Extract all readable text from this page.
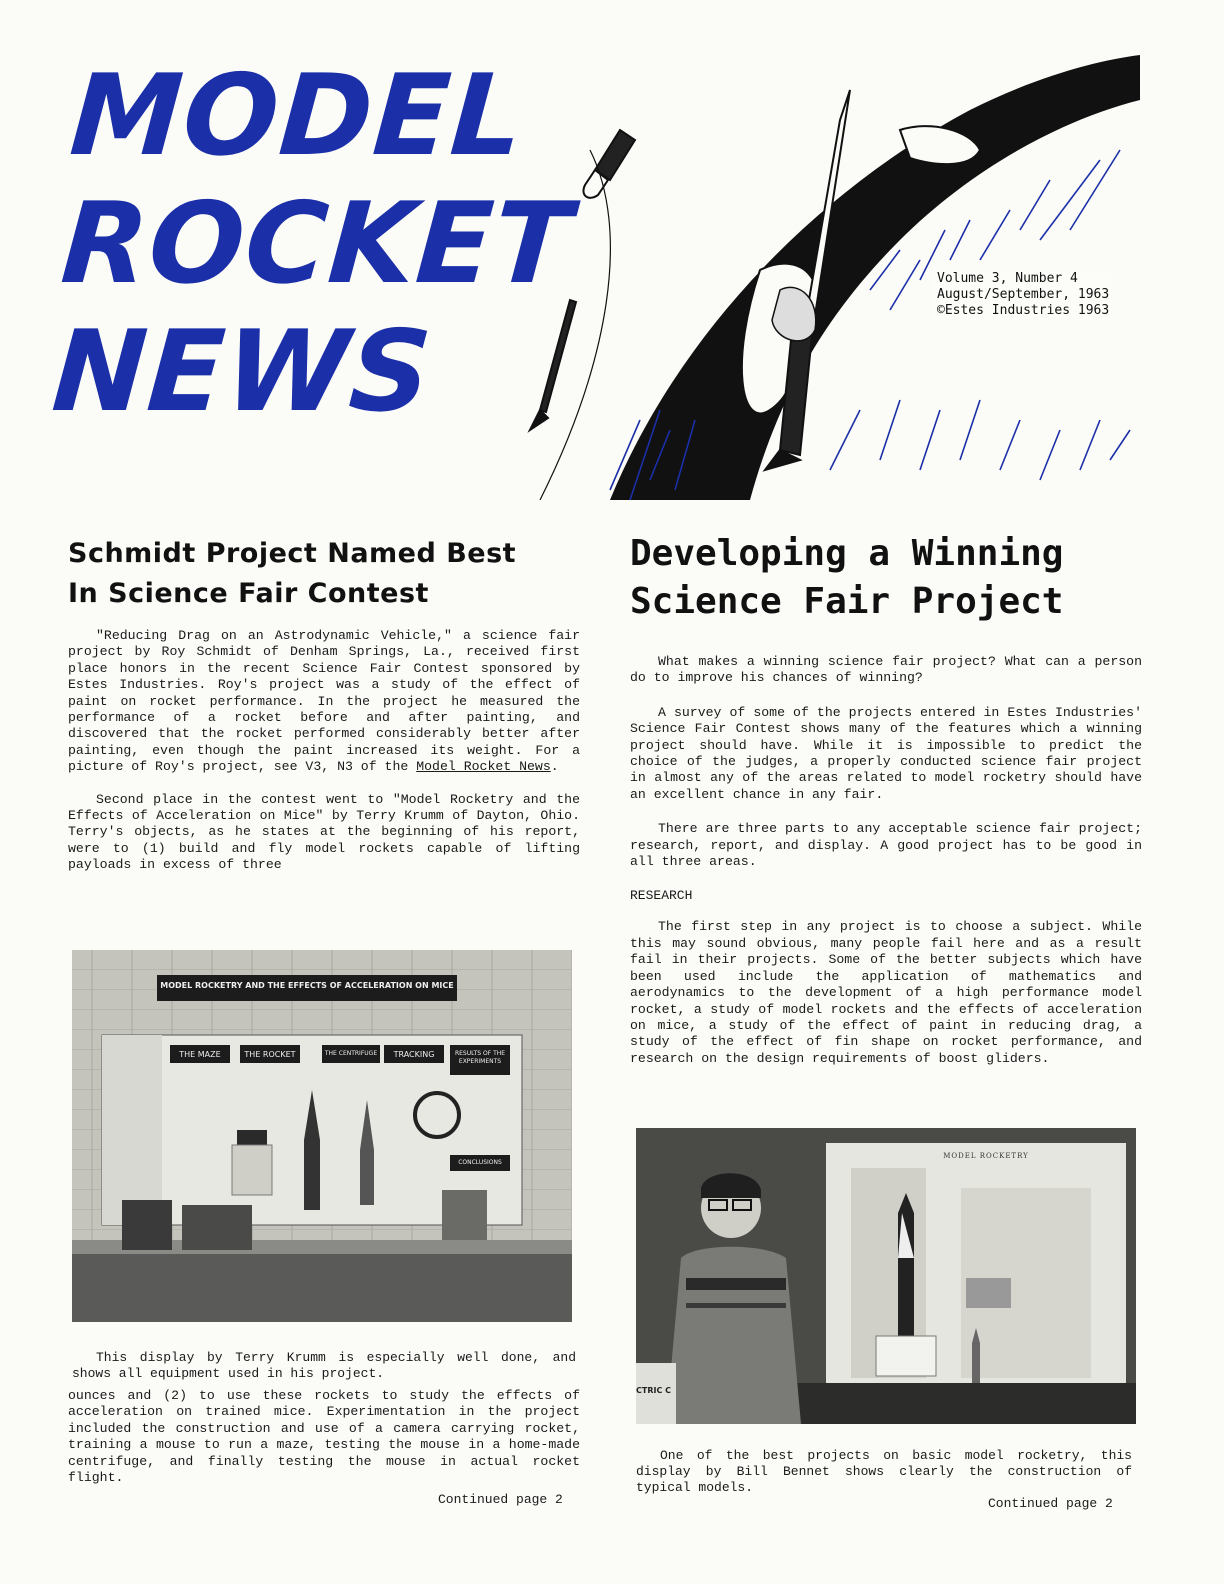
MODEL
ROCKET
NEWS
Volume 3, Number 4
August/September, 1963
©Estes Industries 1963
Schmidt Project Named Best
In Science Fair Contest

"Reducing Drag on an Astrodynamic Vehicle," a science fair project by Roy Schmidt of Denham Springs, La., received first place honors in the recent Science Fair Contest sponsored by Estes Industries. Roy's project was a study of the effect of paint on rocket performance. In the project he measured the performance of a rocket before and after painting, and discovered that the rocket performed considerably better after painting, even though the paint increased its weight. For a picture of Roy's project, see V3, N3 of the Model Rocket News.

Second place in the contest went to "Model Rocketry and the Effects of Acceleration on Mice" by Terry Krumm of Dayton, Ohio. Terry's objects, as he states at the beginning of his report, were to (1) build and fly model rockets capable of lifting payloads in excess of three

MODEL ROCKETRY AND THE EFFECTS OF ACCELERATION ON MICE
THE MAZE	THE ROCKET	THE CENTRIFUGE	TRACKING	RESULTS OF THE EXPERIMENTS
CONCLUSIONS
This display by Terry Krumm is especially well done, and shows all equipment used in his project.

ounces and (2) to use these rockets to study the effects of acceleration on trained mice. Experimentation in the project included the construction and use of a camera carrying rocket, training a mouse to run a maze, testing the mouse in a home-made centrifuge, and finally testing the mouse in actual rocket flight.

Continued page 2
Developing a Winning
Science Fair Project

What makes a winning science fair project? What can a person do to improve his chances of winning?

A survey of some of the projects entered in Estes Industries' Science Fair Contest shows many of the features which a winning project should have. While it is impossible to predict the choice of the judges, a properly conducted science fair project in almost any of the areas related to model rocketry should have an excellent chance in any fair.

There are three parts to any acceptable science fair project; research, report, and display. A good project has to be good in all three areas.

RESEARCH

The first step in any project is to choose a subject. While this may sound obvious, many people fail here and as a result fail in their projects. Some of the better subjects which have been used include the application of mathematics and aerodynamics to the development of a high performance model rocket, a study of model rockets and the effects of acceleration on mice, a study of the effect of paint in reducing drag, a study of the effect of fin shape on rocket performance, and research on the design requirements of boost gliders.

MODEL ROCKETRY
CTRIC C
One of the best projects on basic model rocketry, this display by Bill Bennet shows clearly the construction of typical models.
Continued page 2
